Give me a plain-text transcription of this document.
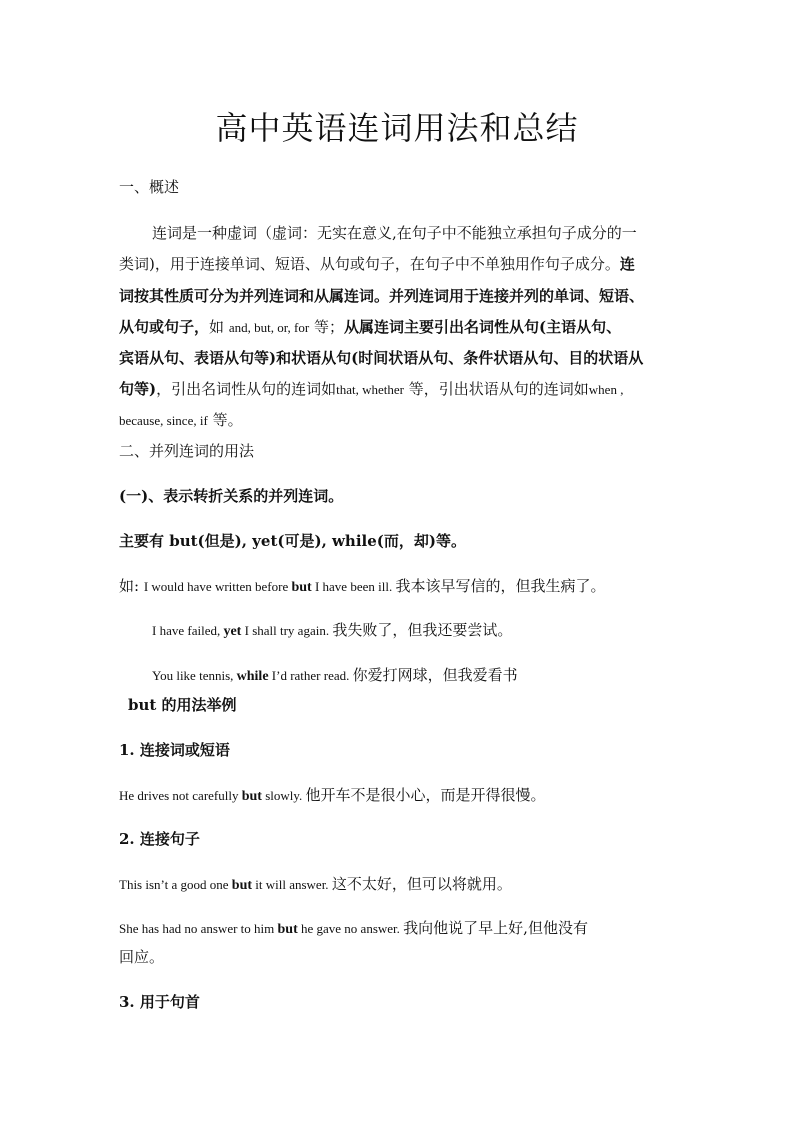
高中英语连词用法和总结
一、概述
连词是一种虚词（虚词：无实在意义,在句子中不能独立承担句子成分的一
类词)，用于连接单词、短语、从句或句子，在句子中不单独用作句子成分。连
词按其性质可分为并列连词和从属连词。并列连词用于连接并列的单词、短语、
从句或句子，如 and, but, or, for 等；从属连词主要引出名词性从句(主语从句、
宾语从句、表语从句等)和状语从句(时间状语从句、条件状语从句、目的状语从
句等)，引出名词性从句的连词如that, whether 等，引出状语从句的连词如when ,
because, since, if 等。
二、并列连词的用法
(一)、表示转折关系的并列连词。
主要有 but(但是), yet(可是), while(而，却)等。
如: I would have written before but I have been ill. 我本该早写信的，但我生病了。
I have failed, yet I shall try again. 我失败了，但我还要尝试。
You like tennis, while I’d rather read. 你爱打网球，但我爱看书
but 的用法举例
1. 连接词或短语
He drives not carefully but slowly. 他开车不是很小心，而是开得很慢。
2. 连接句子
This isn’t a good one but it will answer. 这不太好，但可以将就用。
She has had no answer to him but he gave no answer. 我向他说了早上好,但他没有
回应。
3. 用于句首
